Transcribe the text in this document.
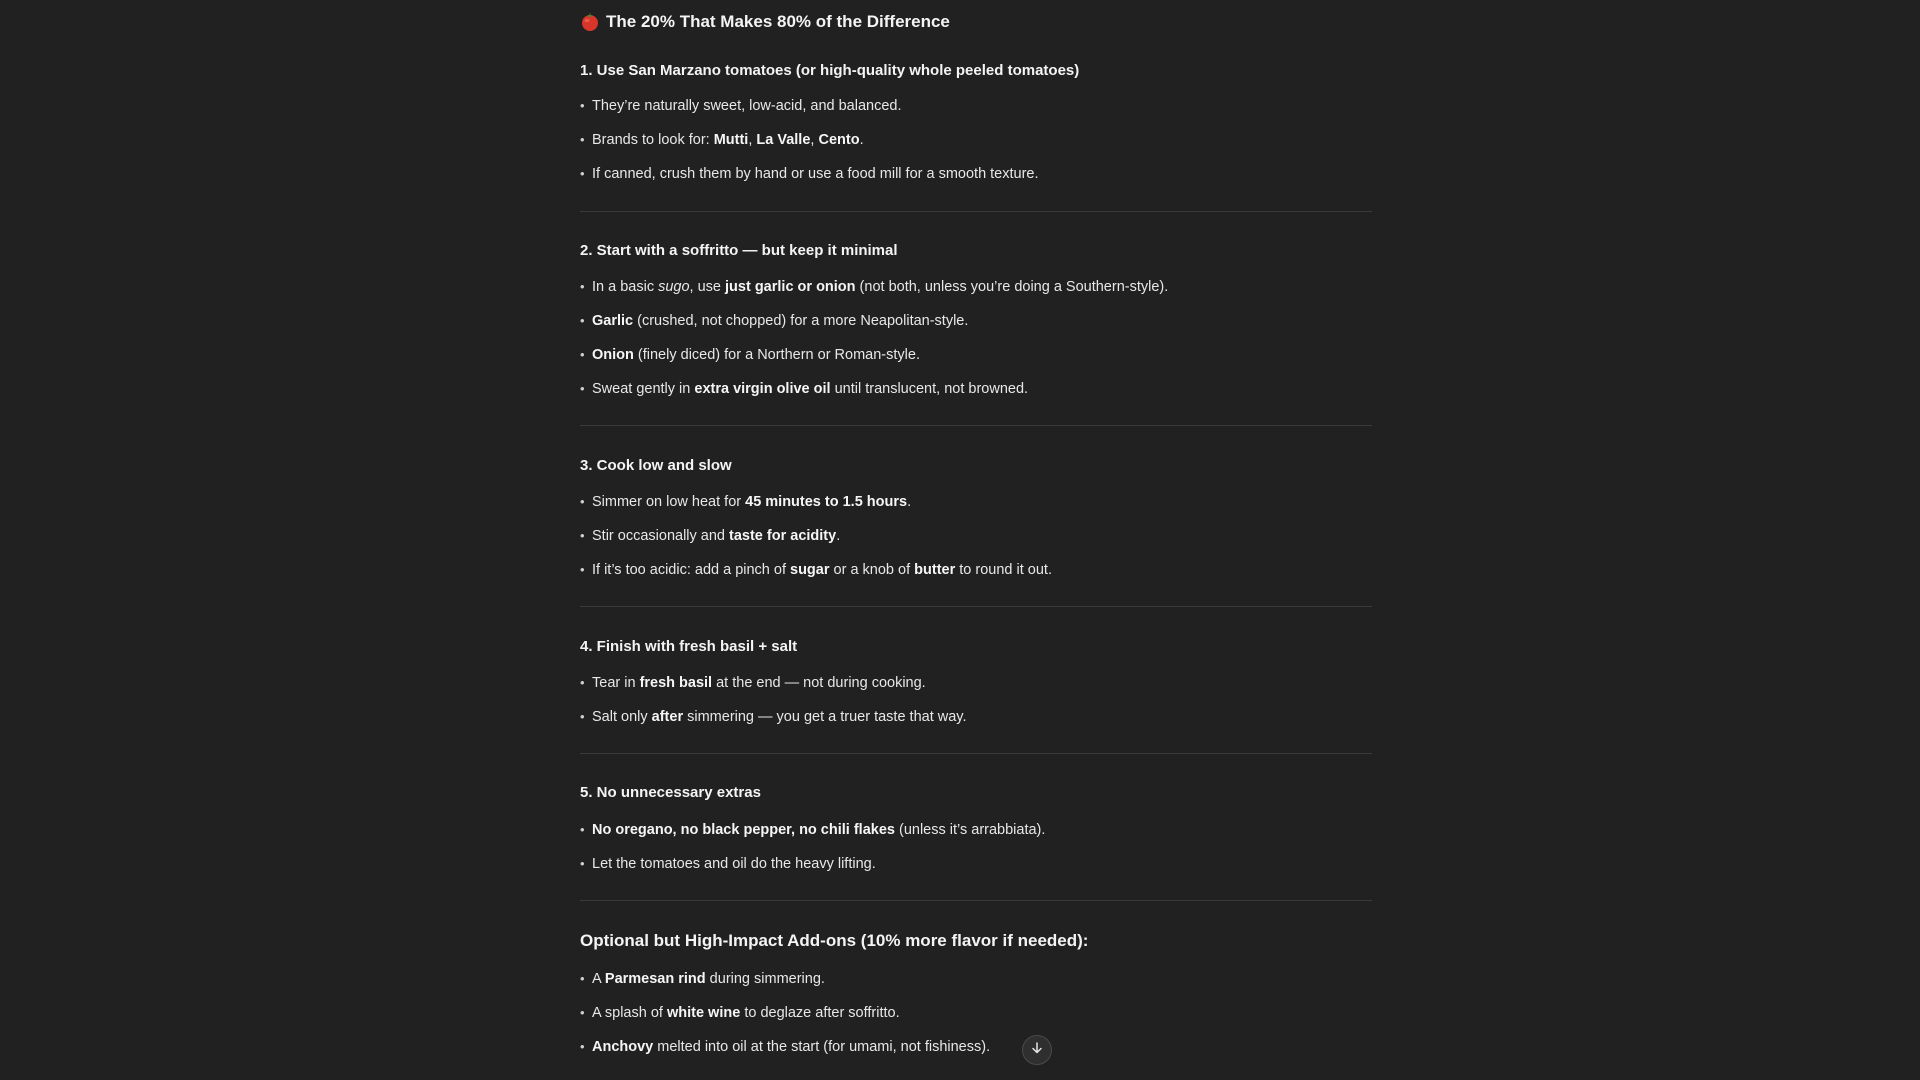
The 20% That Makes 80% of the Difference
1. Use San Marzano tomatoes (or high-quality whole peeled tomatoes)
• They’re naturally sweet, low-acid, and balanced.
• Brands to look for: Mutti, La Valle, Cento.
• If canned, crush them by hand or use a food mill for a smooth texture.
2. Start with a soffritto — but keep it minimal
• In a basic sugo, use just garlic or onion (not both, unless you’re doing a Southern-style).
• Garlic (crushed, not chopped) for a more Neapolitan-style.
• Onion (finely diced) for a Northern or Roman-style.
• Sweat gently in extra virgin olive oil until translucent, not browned.
3. Cook low and slow
• Simmer on low heat for 45 minutes to 1.5 hours.
• Stir occasionally and taste for acidity.
• If it’s too acidic: add a pinch of sugar or a knob of butter to round it out.
4. Finish with fresh basil + salt
• Tear in fresh basil at the end — not during cooking.
• Salt only after simmering — you get a truer taste that way.
5. No unnecessary extras
• No oregano, no black pepper, no chili flakes (unless it’s arrabbiata).
• Let the tomatoes and oil do the heavy lifting.
Optional but High-Impact Add-ons (10% more flavor if needed):
• A Parmesan rind during simmering.
• A splash of white wine to deglaze after soffritto.
• Anchovy melted into oil at the start (for umami, not fishiness).
